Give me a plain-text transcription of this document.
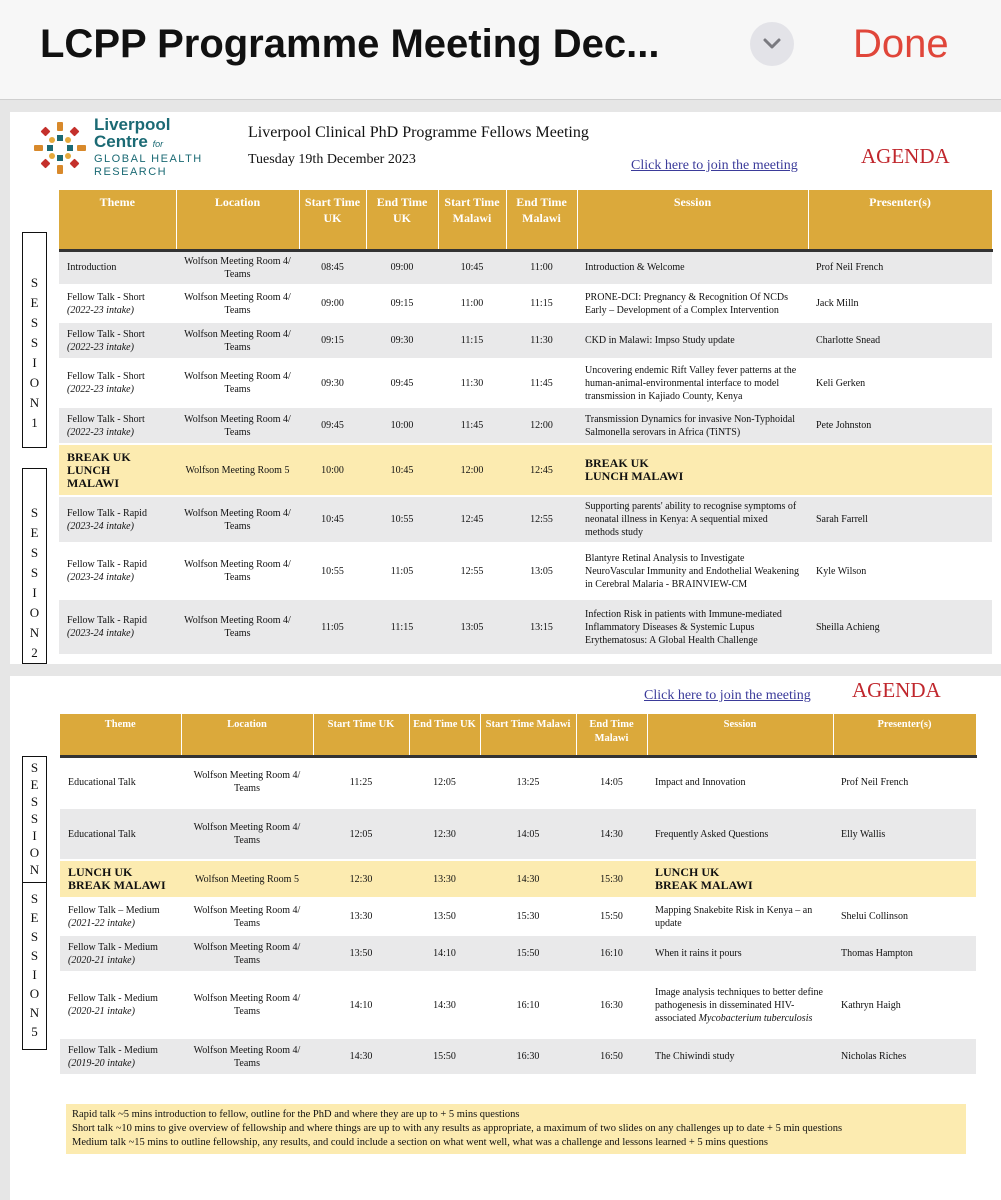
LCPP Programme Meeting Dec...	Done
Liverpool
Centre for
GLOBAL HEALTH
RESEARCH
Liverpool Clinical PhD Programme Fellows Meeting
Tuesday 19th December 2023	Click here to join the meeting	AGENDA
Theme	Location	Start Time UK	End Time UK	Start Time Malawi	End Time Malawi	Session	Presenter(s)
Introduction	Wolfson Meeting Room 4/ Teams	08:45	09:00	10:45	11:00	Introduction & Welcome	Prof Neil French
Fellow Talk - Short
(2022-23 intake)	Wolfson Meeting Room 4/ Teams	09:00	09:15	11:00	11:15	PRONE-DCI: Pregnancy & Recognition Of NCDs Early – Development of a Complex Intervention	Jack Milln
Fellow Talk - Short
(2022-23 intake)	Wolfson Meeting Room 4/ Teams	09:15	09:30	11:15	11:30	CKD in Malawi: Impso Study update	Charlotte Snead
Fellow Talk - Short
(2022-23 intake)	Wolfson Meeting Room 4/ Teams	09:30	09:45	11:30	11:45	Uncovering endemic Rift Valley fever patterns at the human-animal-environmental interface to model transmission in Kajiado County, Kenya	Keli Gerken
Fellow Talk - Short
(2022-23 intake)	Wolfson Meeting Room 4/ Teams	09:45	10:00	11:45	12:00	Transmission Dynamics for invasive Non-Typhoidal Salmonella serovars in Africa (TiNTS)	Pete Johnston

BREAK UK
LUNCH
MALAWI	Wolfson Meeting Room 5	10:00	10:45	12:00	12:45	BREAK UK
LUNCH MALAWI	

Fellow Talk - Rapid
(2023-24 intake)	Wolfson Meeting Room 4/ Teams	10:45	10:55	12:45	12:55	Supporting parents' ability to recognise symptoms of neonatal illness in Kenya: A sequential mixed methods study	Sarah Farrell
Fellow Talk - Rapid
(2023-24 intake)	Wolfson Meeting Room 4/ Teams	10:55	11:05	12:55	13:05	Blantyre Retinal Analysis to Investigate NeuroVascular Immunity and Endothelial Weakening in Cerebral Malaria - BRAINVIEW-CM	Kyle Wilson
Fellow Talk - Rapid
(2023-24 intake)	Wolfson Meeting Room 4/ Teams	11:05	11:15	13:05	13:15	Infection Risk in patients with Immune-mediated Inflammatory Diseases & Systemic Lupus Erythematosus: A Global Health Challenge	Sheilla Achieng
S
E
S
S
I
O
N
1
S
E
S
S
I
O
N
2
Click here to join the meeting AGENDA
Theme	Location	Start Time UK	End Time UK	Start Time Malawi	End Time Malawi	Session	Presenter(s)
Educational Talk	Wolfson Meeting Room 4/ Teams	11:25	12:05	13:25	14:05	Impact and Innovation	Prof Neil French
Educational Talk	Wolfson Meeting Room 4/ Teams	12:05	12:30	14:05	14:30	Frequently Asked Questions	Elly Wallis

LUNCH UK
BREAK MALAWI	Wolfson Meeting Room 5	12:30	13:30	14:30	15:30	LUNCH UK
BREAK MALAWI	

Fellow Talk – Medium
(2021-22 intake)	Wolfson Meeting Room 4/ Teams	13:30	13:50	15:30	15:50	Mapping Snakebite Risk in Kenya – an update	Shelui Collinson
Fellow Talk - Medium
(2020-21 intake)	Wolfson Meeting Room 4/ Teams	13:50	14:10	15:50	16:10	When it rains it pours	Thomas Hampton
Fellow Talk - Medium
(2020-21 intake)	Wolfson Meeting Room 4/ Teams	14:10	14:30	16:10	16:30	Image analysis techniques to better define pathogenesis in disseminated HIV-associated Mycobacterium tuberculosis	Kathryn Haigh
Fellow Talk - Medium
(2019-20 intake)	Wolfson Meeting Room 4/ Teams	14:30	15:50	16:30	16:50	The Chiwindi study	Nicholas Riches
S
E
S
S
I
O
N
S
E
S
S
I
O
N
5
Rapid talk ~5 mins introduction to fellow, outline for the PhD and where they are up to + 5 mins questions
Short talk ~10 mins to give overview of fellowship and where things are up to with any results as appropriate, a maximum of two slides on any challenges up to date + 5 min questions
Medium talk ~15 mins to outline fellowship, any results, and could include a section on what went well, what was a challenge and lessons learned + 5 mins questions
